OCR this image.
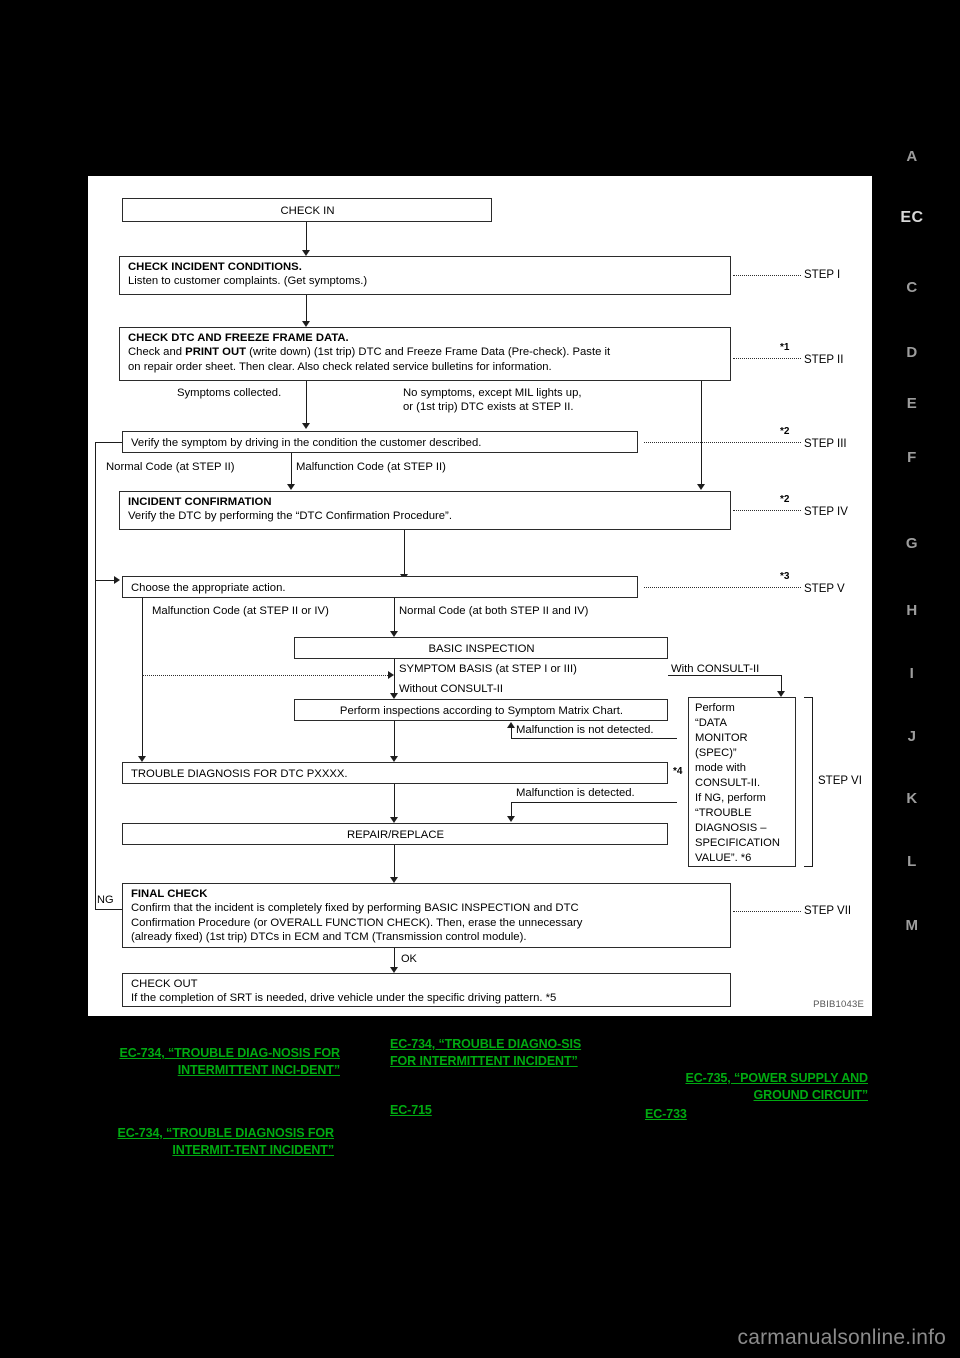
A
EC
C
D
E
F
G
H
I
J
K
L
M
CHECK IN
CHECK INCIDENT CONDITIONS.
Listen to customer complaints. (Get symptoms.)
CHECK DTC AND FREEZE FRAME DATA.
Check and PRINT OUT (write down) (1st trip) DTC and Freeze Frame Data (Pre-check). Paste it
on repair order sheet. Then clear. Also check related service bulletins for information.
Symptoms collected.	No symptoms, except MIL lights up,
or (1st trip) DTC exists at STEP II.
Verify the symptom by driving in the condition the customer described.
Normal Code (at STEP II)	Malfunction Code (at STEP II)
INCIDENT CONFIRMATION
Verify the DTC by performing the “DTC Confirmation Procedure”.
Choose the appropriate action.
Malfunction Code (at STEP II or IV)	Normal Code (at both STEP II and IV)
BASIC INSPECTION
SYMPTOM BASIS (at STEP I or III)	With CONSULT-II
Without CONSULT-II
Perform inspections according to Symptom Matrix Chart.
Malfunction is not detected.
TROUBLE DIAGNOSIS FOR DTC PXXXX.	*4
Malfunction is detected.
REPAIR/REPLACE
Perform
“DATA
MONITOR
(SPEC)”
mode with
CONSULT-II.
If NG, perform
“TROUBLE
DIAGNOSIS –
SPECIFICATION
VALUE”. *6
FINAL CHECK
Confirm that the incident is completely fixed by performing BASIC INSPECTION and DTC
Confirmation Procedure (or OVERALL FUNCTION CHECK). Then, erase the unnecessary
(already fixed) (1st trip) DTCs in ECM and TCM (Transmission control module).
NG
OK
CHECK OUT
If the completion of SRT is needed, drive vehicle under the specific driving pattern. *5
STEP I
*1
STEP II
*2
STEP III
*2
STEP IV
*3
STEP V
STEP VI
STEP VII
PBIB1043E
EC-734, “TROUBLE DIAG-NOSIS FOR INTERMITTENT INCI-DENT”
EC-734, “TROUBLE DIAGNO-SIS FOR INTERMITTENT INCIDENT”
EC-715
EC-735, “POWER SUPPLY AND GROUND CIRCUIT”
EC-733
EC-734, “TROUBLE DIAGNOSIS FOR INTERMIT-TENT INCIDENT”
carmanualsonline.info
